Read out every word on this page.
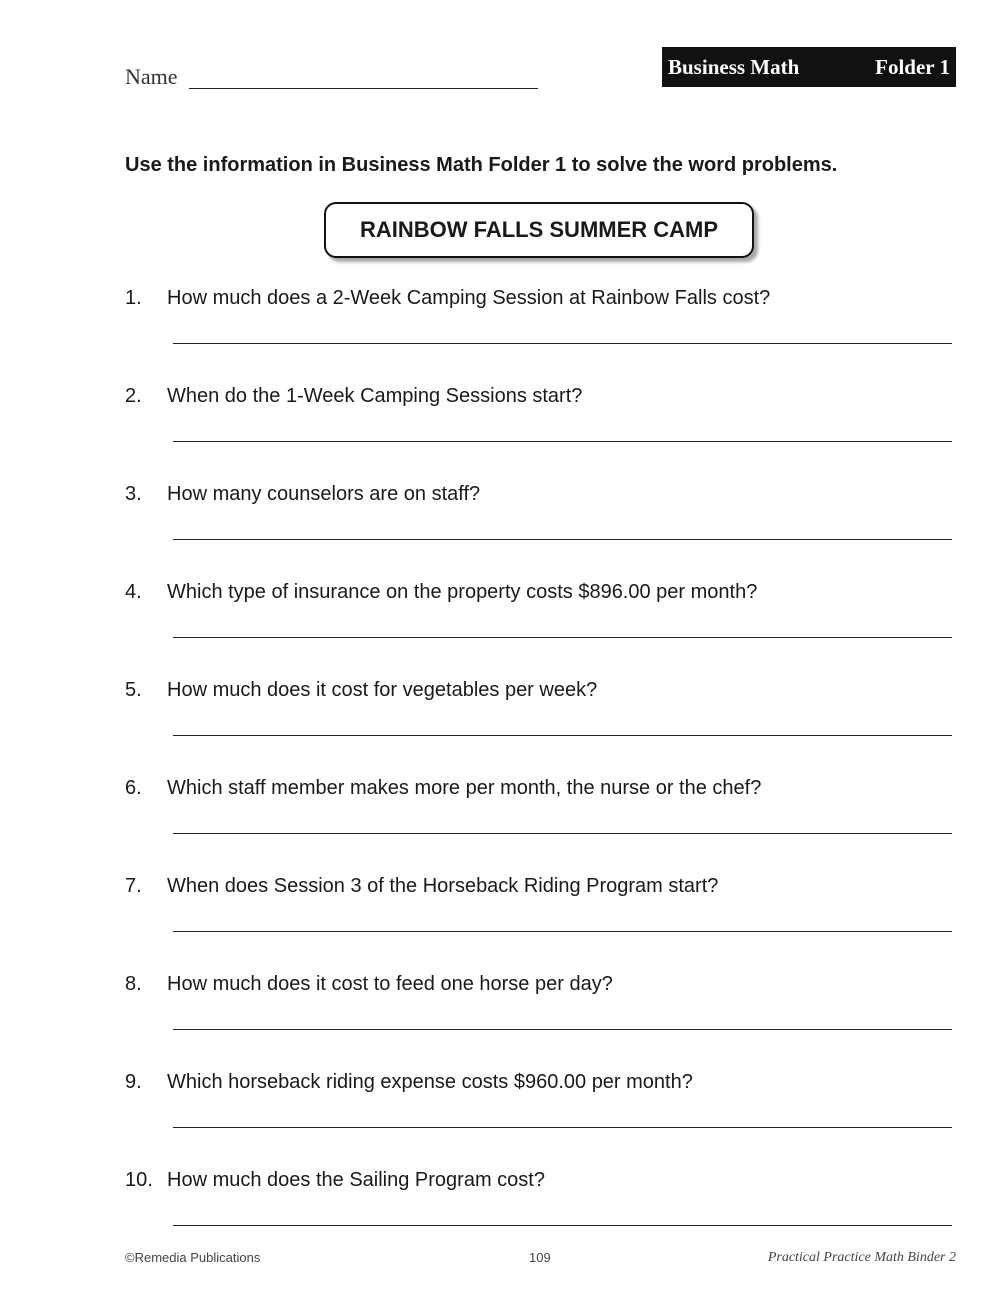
Name	Business Math	Folder 1
Use the information in Business Math Folder 1 to solve the word problems.
RAINBOW FALLS SUMMER CAMP
1. How much does a 2-Week Camping Session at Rainbow Falls cost?
2. When do the 1-Week Camping Sessions start?
3. How many counselors are on staff?
4. Which type of insurance on the property costs $896.00 per month?
5. How much does it cost for vegetables per week?
6. Which staff member makes more per month, the nurse or the chef?
7. When does Session 3 of the Horseback Riding Program start?
8. How much does it cost to feed one horse per day?
9. Which horseback riding expense costs $960.00 per month?
10. How much does the Sailing Program cost?
©Remedia Publications	109	Practical Practice Math Binder 2
